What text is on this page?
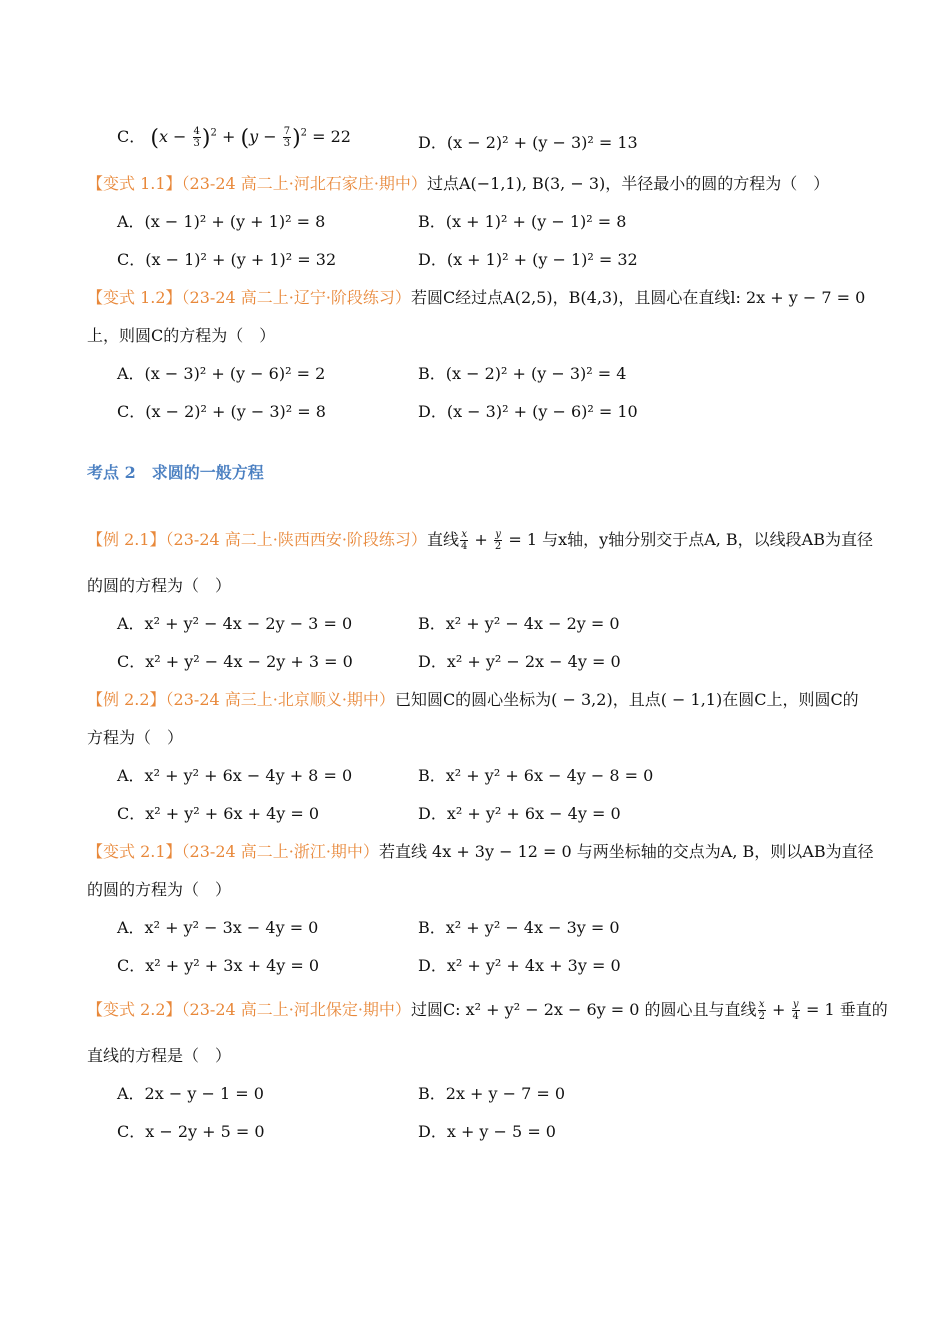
C． $(x - \frac{4}{3} )^2 + (y - \frac{7}{3} )^2 = 22$	D．(x − 2)² + (y − 3)² = 13
【变式 1.1】（23-24 高二上·河北石家庄·期中）过点A(−1,1), B(3, − 3)，半径最小的圆的方程为（　）
A．(x − 1)² + (y + 1)² = 8	B．(x + 1)² + (y − 1)² = 8
C．(x − 1)² + (y + 1)² = 32	D．(x + 1)² + (y − 1)² = 32
【变式 1.2】（23-24 高二上·辽宁·阶段练习）若圆C经过点A(2,5)，B(4,3)，且圆心在直线l: 2x + y − 7 = 0
上，则圆C的方程为（　）
A．(x − 3)² + (y − 6)² = 2	B．(x − 2)² + (y − 3)² = 4
C．(x − 2)² + (y − 3)² = 8	D．(x − 3)² + (y − 6)² = 10
考点 2　求圆的一般方程
【例 2.1】（23-24 高二上·陕西西安·阶段练习）直线 $\frac{x}{4} + \frac{y}{2} = 1$ 与x轴，y轴分别交于点A, B，以线段AB为直径
的圆的方程为（　）
A．x² + y² − 4x − 2y − 3 = 0	B．x² + y² − 4x − 2y = 0
C．x² + y² − 4x − 2y + 3 = 0	D．x² + y² − 2x − 4y = 0
【例 2.2】（23-24 高三上·北京顺义·期中）已知圆C的圆心坐标为( − 3,2)，且点( − 1,1)在圆C上，则圆C的
方程为（　）
A．x² + y² + 6x − 4y + 8 = 0	B．x² + y² + 6x − 4y − 8 = 0
C．x² + y² + 6x + 4y = 0	D．x² + y² + 6x − 4y = 0
【变式 2.1】（23-24 高二上·浙江·期中）若直线 4x + 3y − 12 = 0 与两坐标轴的交点为A, B，则以AB为直径
的圆的方程为（　）
A．x² + y² − 3x − 4y = 0	B．x² + y² − 4x − 3y = 0
C．x² + y² + 3x + 4y = 0	D．x² + y² + 4x + 3y = 0
【变式 2.2】（23-24 高二上·河北保定·期中）过圆C: x² + y² − 2x − 6y = 0 的圆心且与直线 $\frac{x}{2} + \frac{y}{4} = 1$ 垂直的
直线的方程是（　）
A．2x − y − 1 = 0	B．2x + y − 7 = 0
C．x − 2y + 5 = 0	D．x + y − 5 = 0
